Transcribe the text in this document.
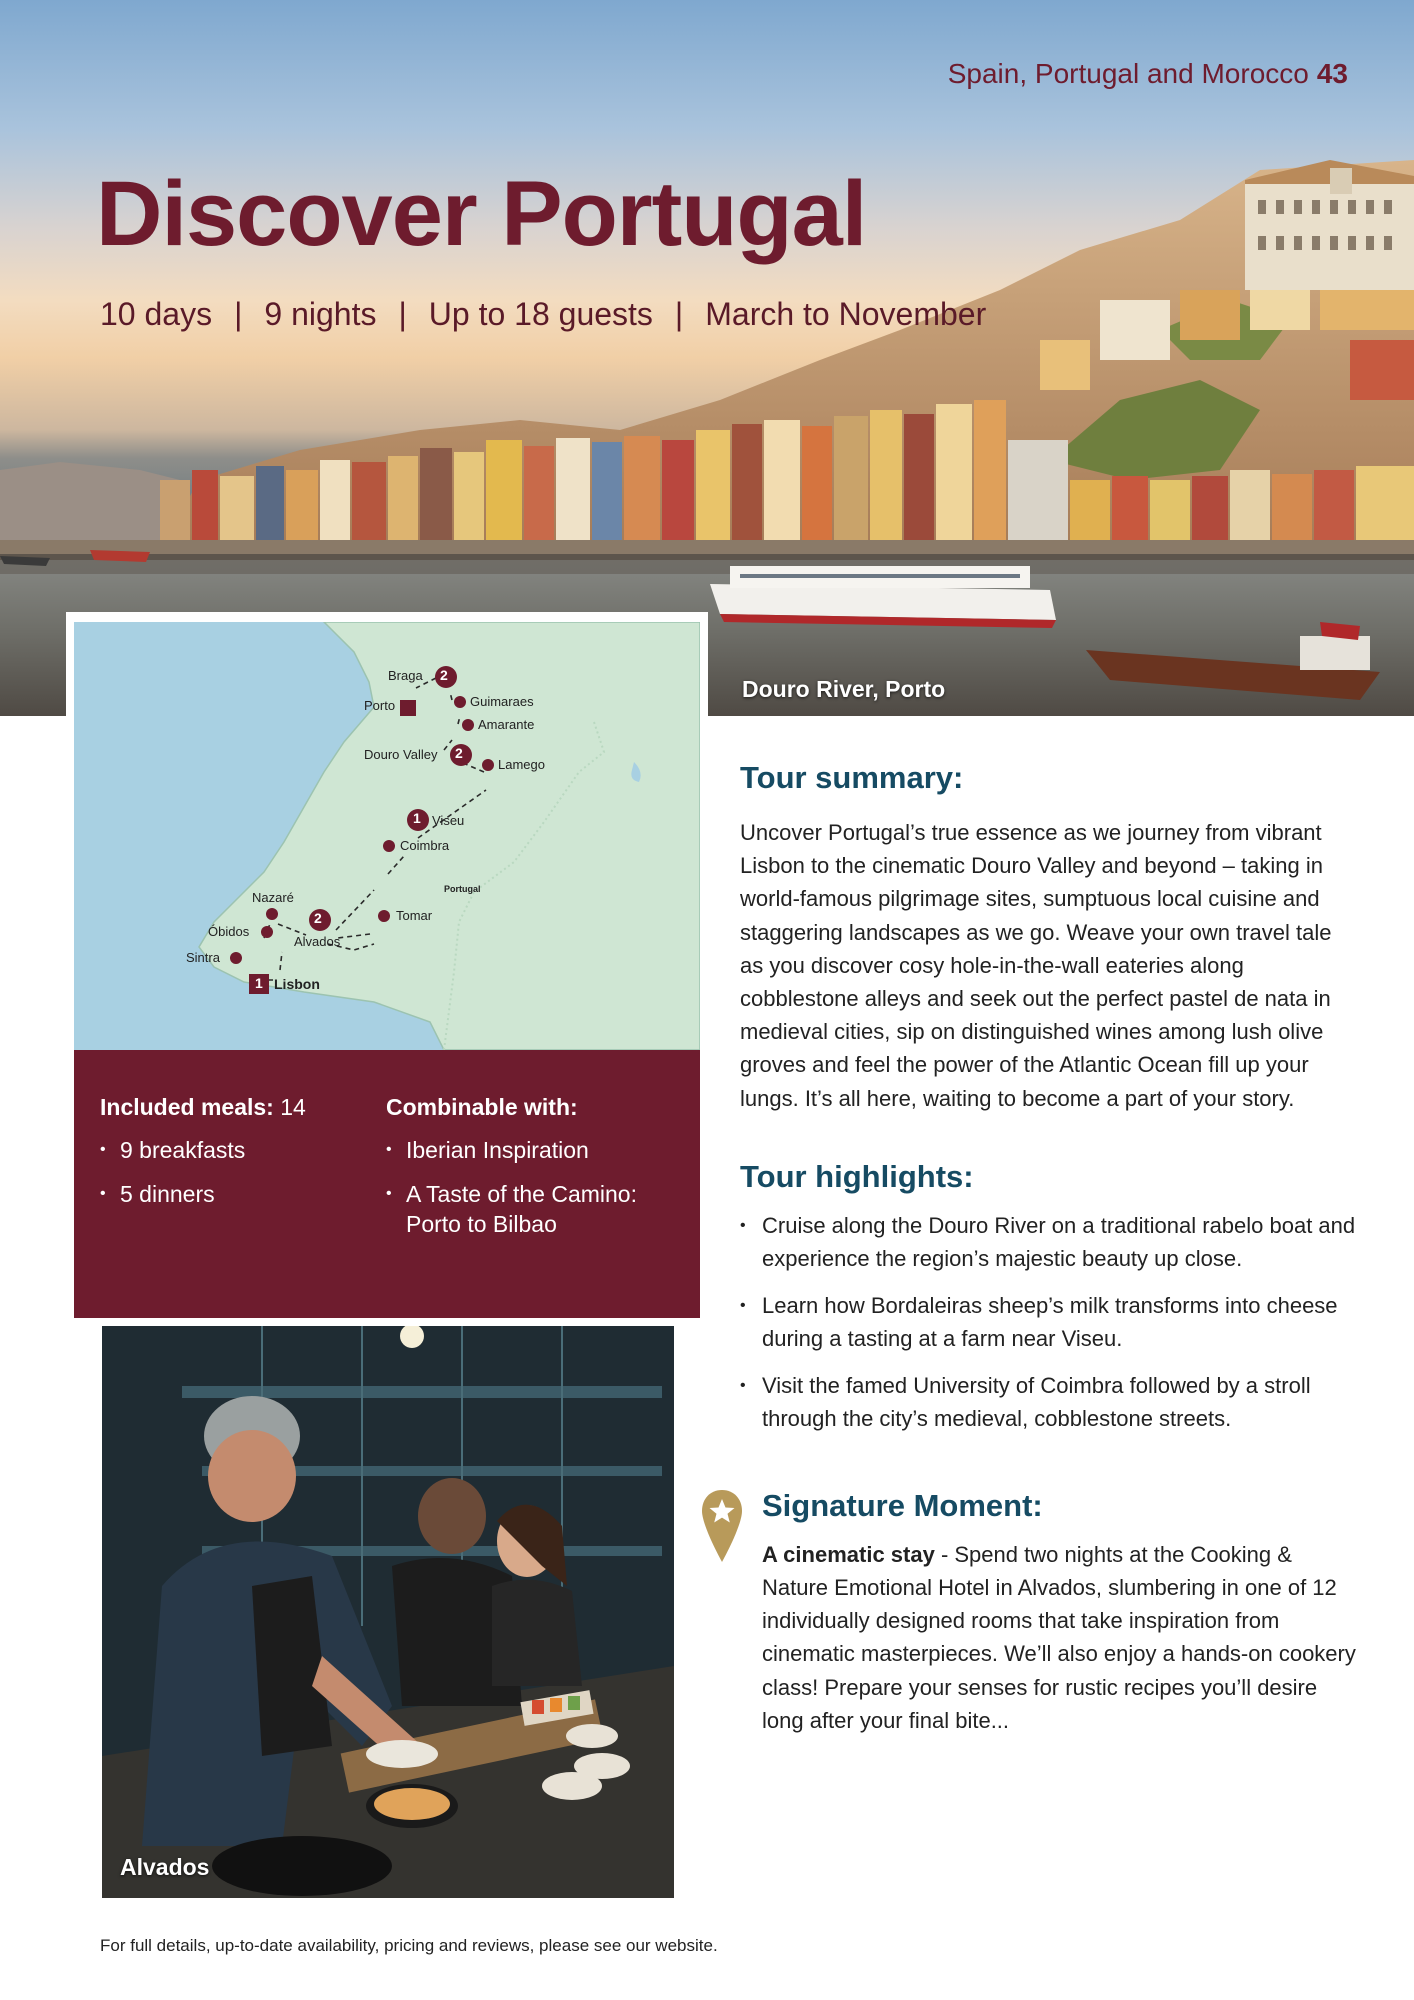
Spain, Portugal and Morocco 43
Discover Portugal
10 days | 9 nights | Up to 18 guests | March to November
Douro River, Porto
2
2
1
2
1
Braga
Porto	Guimaraes
Amarante
Douro Valley
Lamego
Viseu
Coimbra
Portugal
Nazaré
Óbidos
Tomar
Alvados
Sintra
Lisbon
Included meals: 14
• 9 breakfasts
• 5 dinners
Combinable with:
• Iberian Inspiration
• A Taste of the Camino: Porto to Bilbao
Alvados
Tour summary:

Uncover Portugal’s true essence as we journey from vibrant Lisbon to the cinematic Douro Valley and beyond – taking in world-famous pilgrimage sites, sumptuous local cuisine and staggering landscapes as we go. Weave your own travel tale as you discover cosy hole-in-the-wall eateries along cobblestone alleys and seek out the perfect pastel de nata in medieval cities, sip on distinguished wines among lush olive groves and feel the power of the Atlantic Ocean fill up your lungs. It’s all here, waiting to become a part of your story.

Tour highlights:
• Cruise along the Douro River on a traditional rabelo boat and experience the region’s majestic beauty up close.
• Learn how Bordaleiras sheep’s milk transforms into cheese during a tasting at a farm near Viseu.
• Visit the famed University of Coimbra followed by a stroll through the city’s medieval, cobblestone streets.
Signature Moment:

A cinematic stay - Spend two nights at the Cooking & Nature Emotional Hotel in Alvados, slumbering in one of 12 individually designed rooms that take inspiration from cinematic masterpieces. We’ll also enjoy a hands-on cookery class! Prepare your senses for rustic recipes you’ll desire long after your final bite...

For full details, up-to-date availability, pricing and reviews, please see our website.
